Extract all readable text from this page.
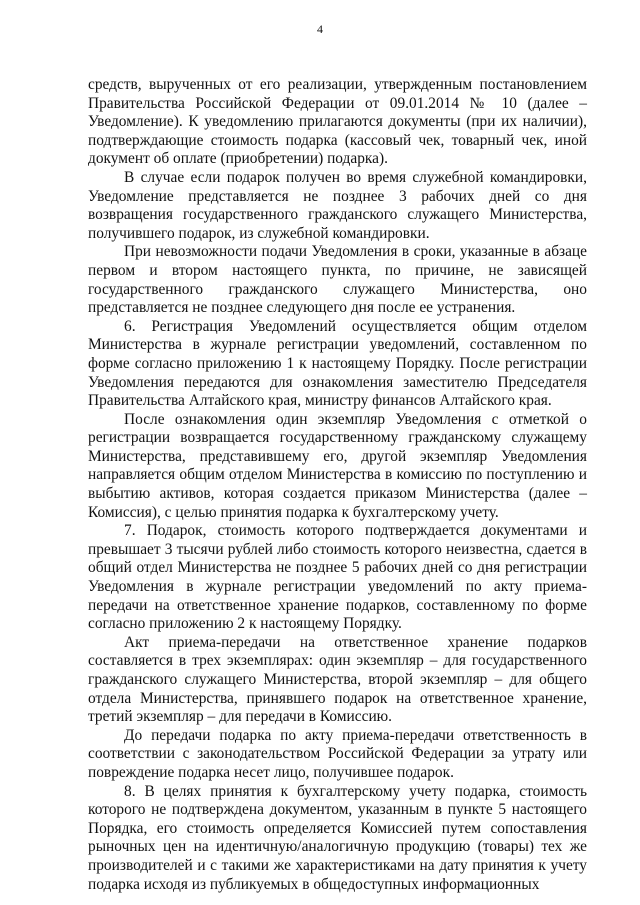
4

средств, вырученных от его реализации, утвержденным постановлением Правительства Российской Федерации от 09.01.2014 № 10 (далее – Уведомление). К уведомлению прилагаются документы (при их наличии), подтверждающие стоимость подарка (кассовый чек, товарный чек, иной документ об оплате (приобретении) подарка).

В случае если подарок получен во время служебной командировки, Уведомление представляется не позднее 3 рабочих дней со дня возвращения государственного гражданского служащего Министерства, получившего подарок, из служебной командировки.

При невозможности подачи Уведомления в сроки, указанные в абзаце первом и втором настоящего пункта, по причине, не зависящей государственного гражданского служащего Министерства, оно представляется не позднее следующего дня после ее устранения.

6. Регистрация Уведомлений осуществляется общим отделом Министерства в журнале регистрации уведомлений, составленном по форме согласно приложению 1 к настоящему Порядку. После регистрации Уведомления передаются для ознакомления заместителю Председателя Правительства Алтайского края, министру финансов Алтайского края.

После ознакомления один экземпляр Уведомления с отметкой о регистрации возвращается государственному гражданскому служащему Министерства, представившему его, другой экземпляр Уведомления направляется общим отделом Министерства в комиссию по поступлению и выбытию активов, которая создается приказом Министерства (далее – Комиссия), с целью принятия подарка к бухгалтерскому учету.

7. Подарок, стоимость которого подтверждается документами и превышает 3 тысячи рублей либо стоимость которого неизвестна, сдается в общий отдел Министерства не позднее 5 рабочих дней со дня регистрации Уведомления в журнале регистрации уведомлений по акту приема-передачи на ответственное хранение подарков, составленному по форме согласно приложению 2 к настоящему Порядку.

Акт приема-передачи на ответственное хранение подарков составляется в трех экземплярах: один экземпляр – для государственного гражданского служащего Министерства, второй экземпляр – для общего отдела Министерства, принявшего подарок на ответственное хранение, третий экземпляр – для передачи в Комиссию.

До передачи подарка по акту приема-передачи ответственность в соответствии с законодательством Российской Федерации за утрату или повреждение подарка несет лицо, получившее подарок.

8. В целях принятия к бухгалтерскому учету подарка, стоимость которого не подтверждена документом, указанным в пункте 5 настоящего Порядка, его стоимость определяется Комиссией путем сопоставления рыночных цен на идентичную/аналогичную продукцию (товары) тех же производителей и с такими же характеристиками на дату принятия к учету подарка исходя из публикуемых в общедоступных информационных
